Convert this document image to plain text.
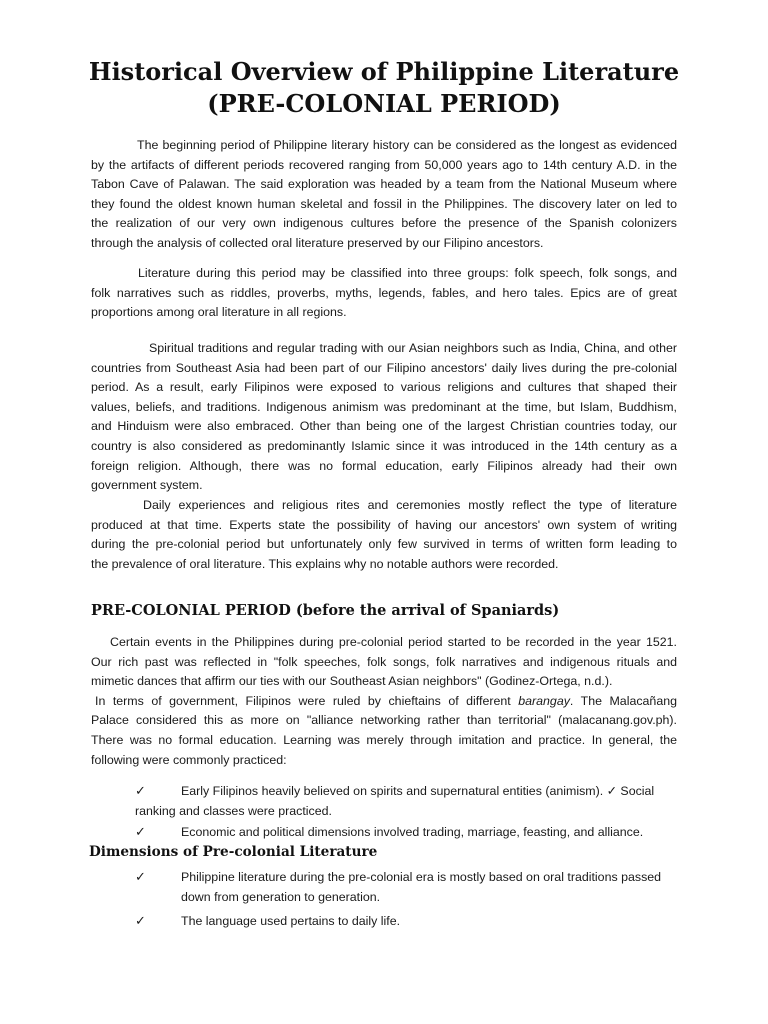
Historical Overview of Philippine Literature
(PRE-COLONIAL PERIOD)
The beginning period of Philippine literary history can be considered as the longest as evidenced
by the artifacts of different periods recovered ranging from 50,000 years ago to 14th century A.D. in the
Tabon Cave of Palawan. The said exploration was headed by a team from the National Museum where
they found the oldest known human skeletal and fossil in the Philippines. The discovery later on led to
the realization of our very own indigenous cultures before the presence of the Spanish colonizers
through the analysis of collected oral literature preserved by our Filipino ancestors.
Literature during this period may be classified into three groups: folk speech, folk songs, and
folk narratives such as riddles, proverbs, myths, legends, fables, and hero tales. Epics are of great
proportions among oral literature in all regions.
Spiritual traditions and regular trading with our Asian neighbors such as India, China, and other
countries from Southeast Asia had been part of our Filipino ancestors' daily lives during the pre-colonial
period. As a result, early Filipinos were exposed to various religions and cultures that shaped their
values, beliefs, and traditions. Indigenous animism was predominant at the time, but Islam, Buddhism,
and Hinduism were also embraced. Other than being one of the largest Christian countries today, our
country is also considered as predominantly Islamic since it was introduced in the 14th century as a
foreign religion. Although, there was no formal education, early Filipinos already had their own
government system.
Daily experiences and religious rites and ceremonies mostly reflect the type of literature
produced at that time. Experts state the possibility of having our ancestors' own system of writing
during the pre-colonial period but unfortunately only few survived in terms of written form leading to
the prevalence of oral literature. This explains why no notable authors were recorded.
PRE-COLONIAL PERIOD (before the arrival of Spaniards)
Certain events in the Philippines during pre-colonial period started to be recorded in the year 1521.
Our rich past was reflected in "folk speeches, folk songs, folk narratives and indigenous rituals and
mimetic dances that affirm our ties with our Southeast Asian neighbors" (Godinez-Ortega, n.d.).
In terms of government, Filipinos were ruled by chieftains of different barangay. The Malacañang
Palace considered this as more on "alliance networking rather than territorial" (malacanang.gov.ph).
There was no formal education. Learning was merely through imitation and practice. In general, the
following were commonly practiced:
✓	Early Filipinos heavily believed on spirits and supernatural entities (animism). ✓ Social
ranking and classes were practiced.
✓	Economic and political dimensions involved trading, marriage, feasting, and alliance.
Dimensions of Pre-colonial Literature
✓	Philippine literature during the pre-colonial era is mostly based on oral traditions passed
down from generation to generation.
✓	The language used pertains to daily life.
